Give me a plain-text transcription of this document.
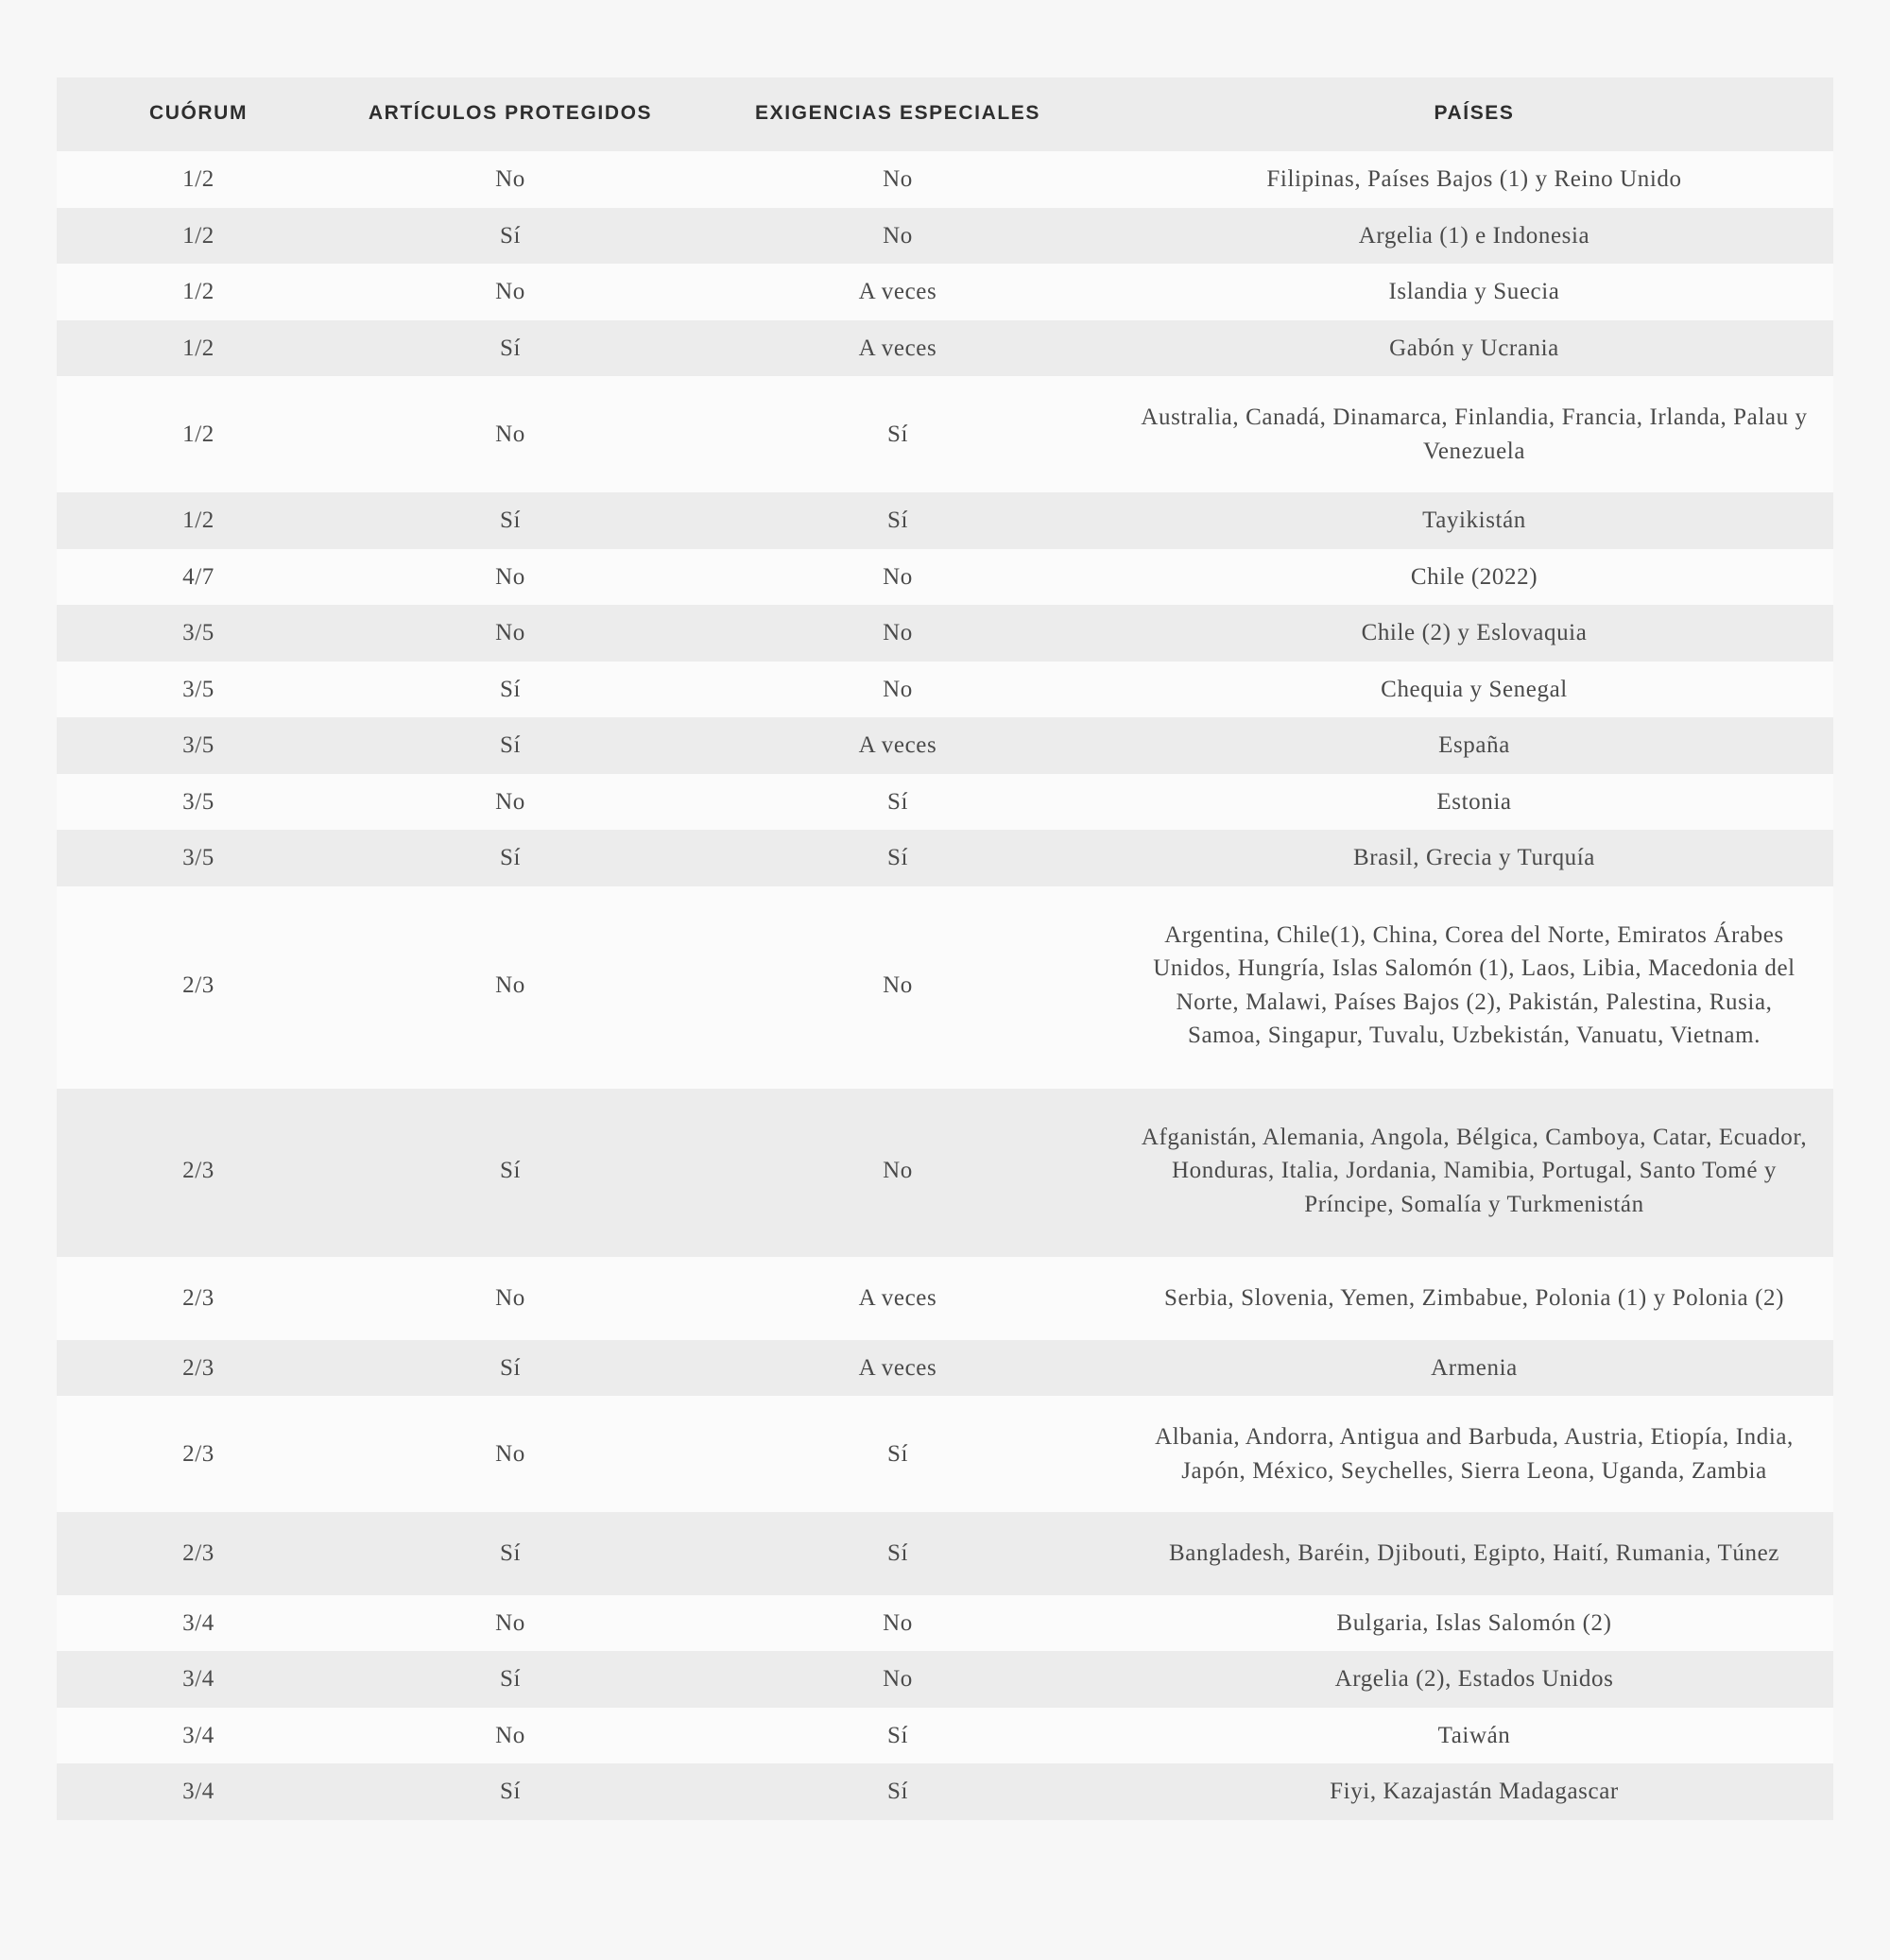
CUÓRUM	ARTÍCULOS PROTEGIDOS	EXIGENCIAS ESPECIALES	PAÍSES
1/2	No	No	Filipinas, Países Bajos (1) y Reino Unido
1/2	Sí	No	Argelia (1) e Indonesia
1/2	No	A veces	Islandia y Suecia
1/2	Sí	A veces	Gabón y Ucrania
1/2	No	Sí	Australia, Canadá, Dinamarca, Finlandia, Francia, Irlanda, Palau y Venezuela
1/2	Sí	Sí	Tayikistán
4/7	No	No	Chile (2022)
3/5	No	No	Chile (2) y Eslovaquia
3/5	Sí	No	Chequia y Senegal
3/5	Sí	A veces	España
3/5	No	Sí	Estonia
3/5	Sí	Sí	Brasil, Grecia y Turquía
2/3	No	No	Argentina, Chile(1), China, Corea del Norte, Emiratos Árabes Unidos, Hungría, Islas Salomón (1), Laos, Libia, Macedonia del Norte, Malawi, Países Bajos (2), Pakistán, Palestina, Rusia, Samoa, Singapur, Tuvalu, Uzbekistán, Vanuatu, Vietnam.
2/3	Sí	No	Afganistán, Alemania, Angola, Bélgica, Camboya, Catar, Ecuador, Honduras, Italia, Jordania, Namibia, Portugal, Santo Tomé y Príncipe, Somalía y Turkmenistán
2/3	No	A veces	Serbia, Slovenia, Yemen, Zimbabue, Polonia (1) y Polonia (2)
2/3	Sí	A veces	Armenia
2/3	No	Sí	Albania, Andorra, Antigua and Barbuda, Austria, Etiopía, India, Japón, México, Seychelles, Sierra Leona, Uganda, Zambia
2/3	Sí	Sí	Bangladesh, Baréin, Djibouti, Egipto, Haití, Rumania, Túnez
3/4	No	No	Bulgaria, Islas Salomón (2)
3/4	Sí	No	Argelia (2), Estados Unidos
3/4	No	Sí	Taiwán
3/4	Sí	Sí	Fiyi, Kazajastán Madagascar
